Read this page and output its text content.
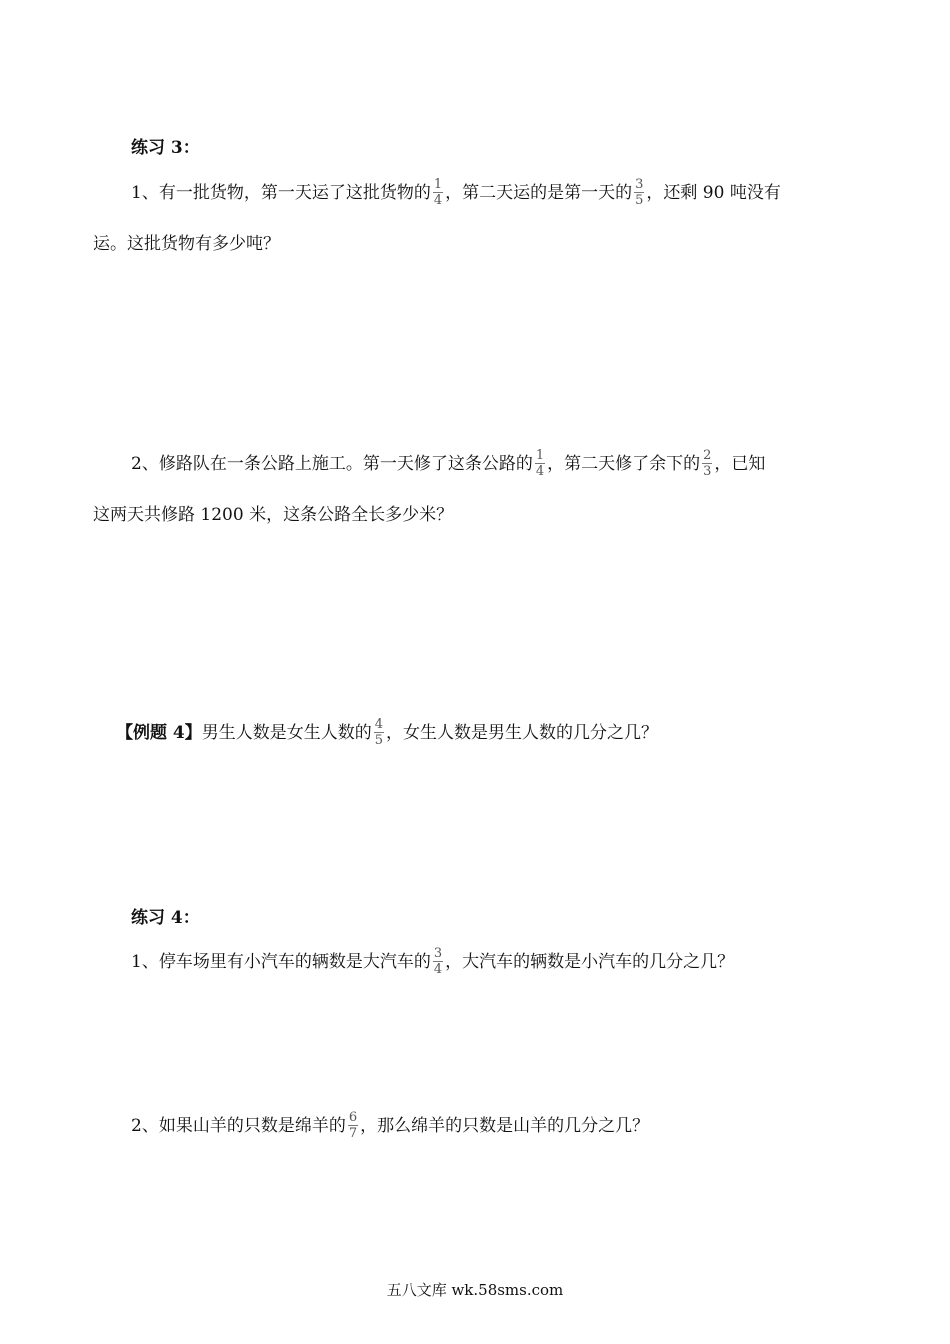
练习 3：
1、有一批货物，第一天运了这批货物的 $\frac{1}{4}$ ，第二天运的是第一天的 $\frac{3}{5}$ ，还剩 90 吨没有
运。这批货物有多少吨？
2、修路队在一条公路上施工。第一天修了这条公路的 $\frac{1}{4}$ ，第二天修了余下的 $\frac{2}{3}$ ，已知
这两天共修路 1200 米，这条公路全长多少米？
【例题 4】男生人数是女生人数的 $\frac{4}{5}$ ，女生人数是男生人数的几分之几？
练习 4：
1、停车场里有小汽车的辆数是大汽车的 $\frac{3}{4}$ ，大汽车的辆数是小汽车的几分之几？
2、如果山羊的只数是绵羊的 $\frac{6}{7}$ ，那么绵羊的只数是山羊的几分之几？
五八文库 wk.58sms.com
